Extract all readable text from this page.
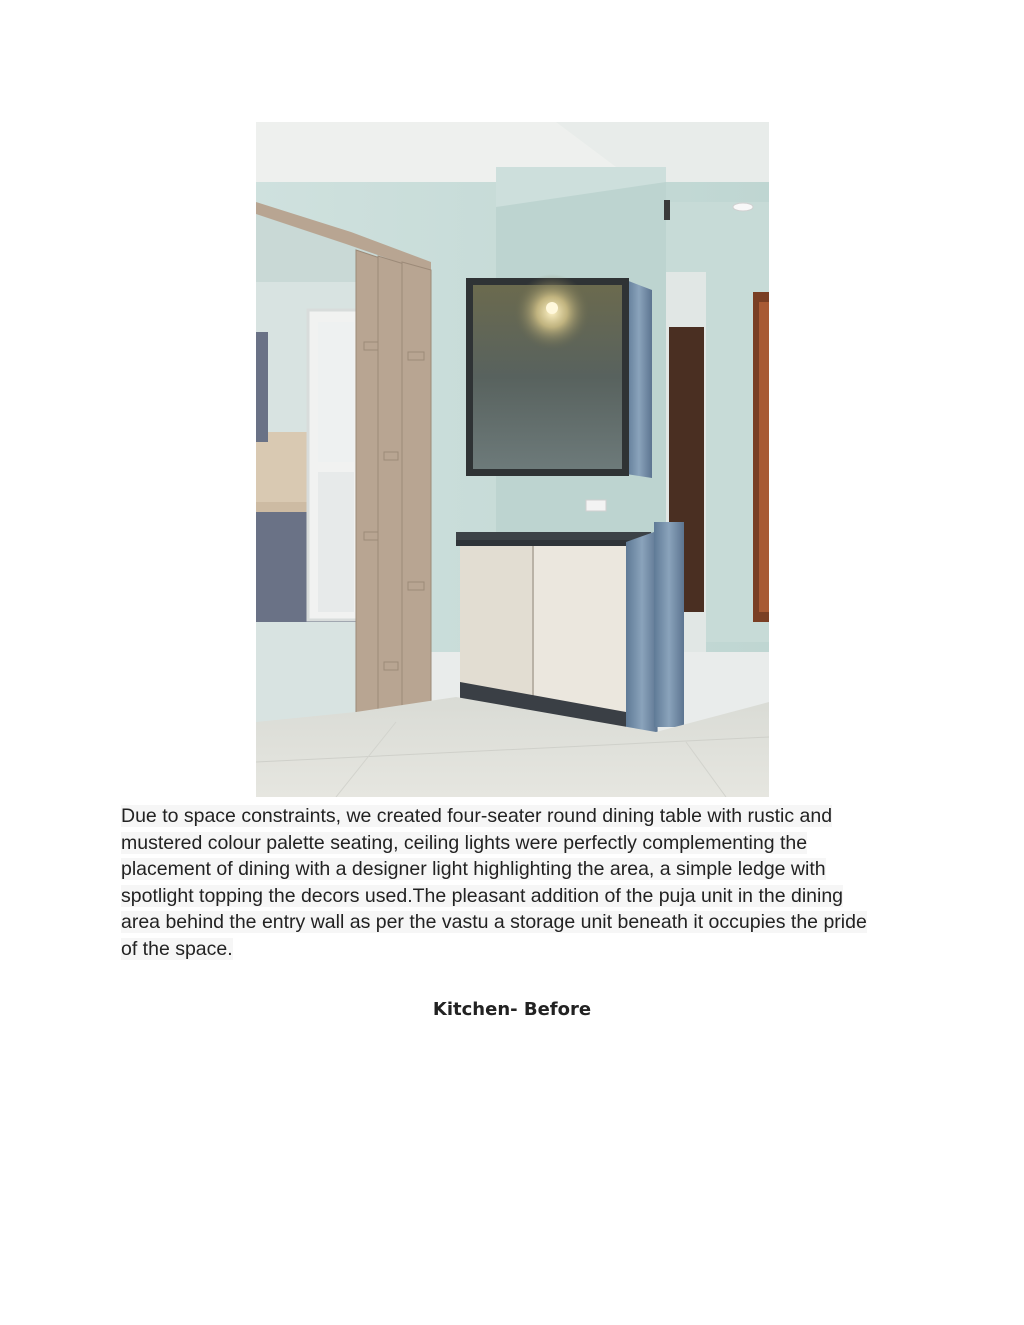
Due to space constraints, we created four-seater round dining table with rustic and
mustered colour palette seating, ceiling lights were perfectly complementing the
placement of dining with a designer light highlighting the area, a simple ledge with
spotlight topping the decors used.The pleasant addition of the puja unit in the dining
area behind the entry wall as per the vastu a storage unit beneath it occupies the pride
of the space.

Kitchen- Before
